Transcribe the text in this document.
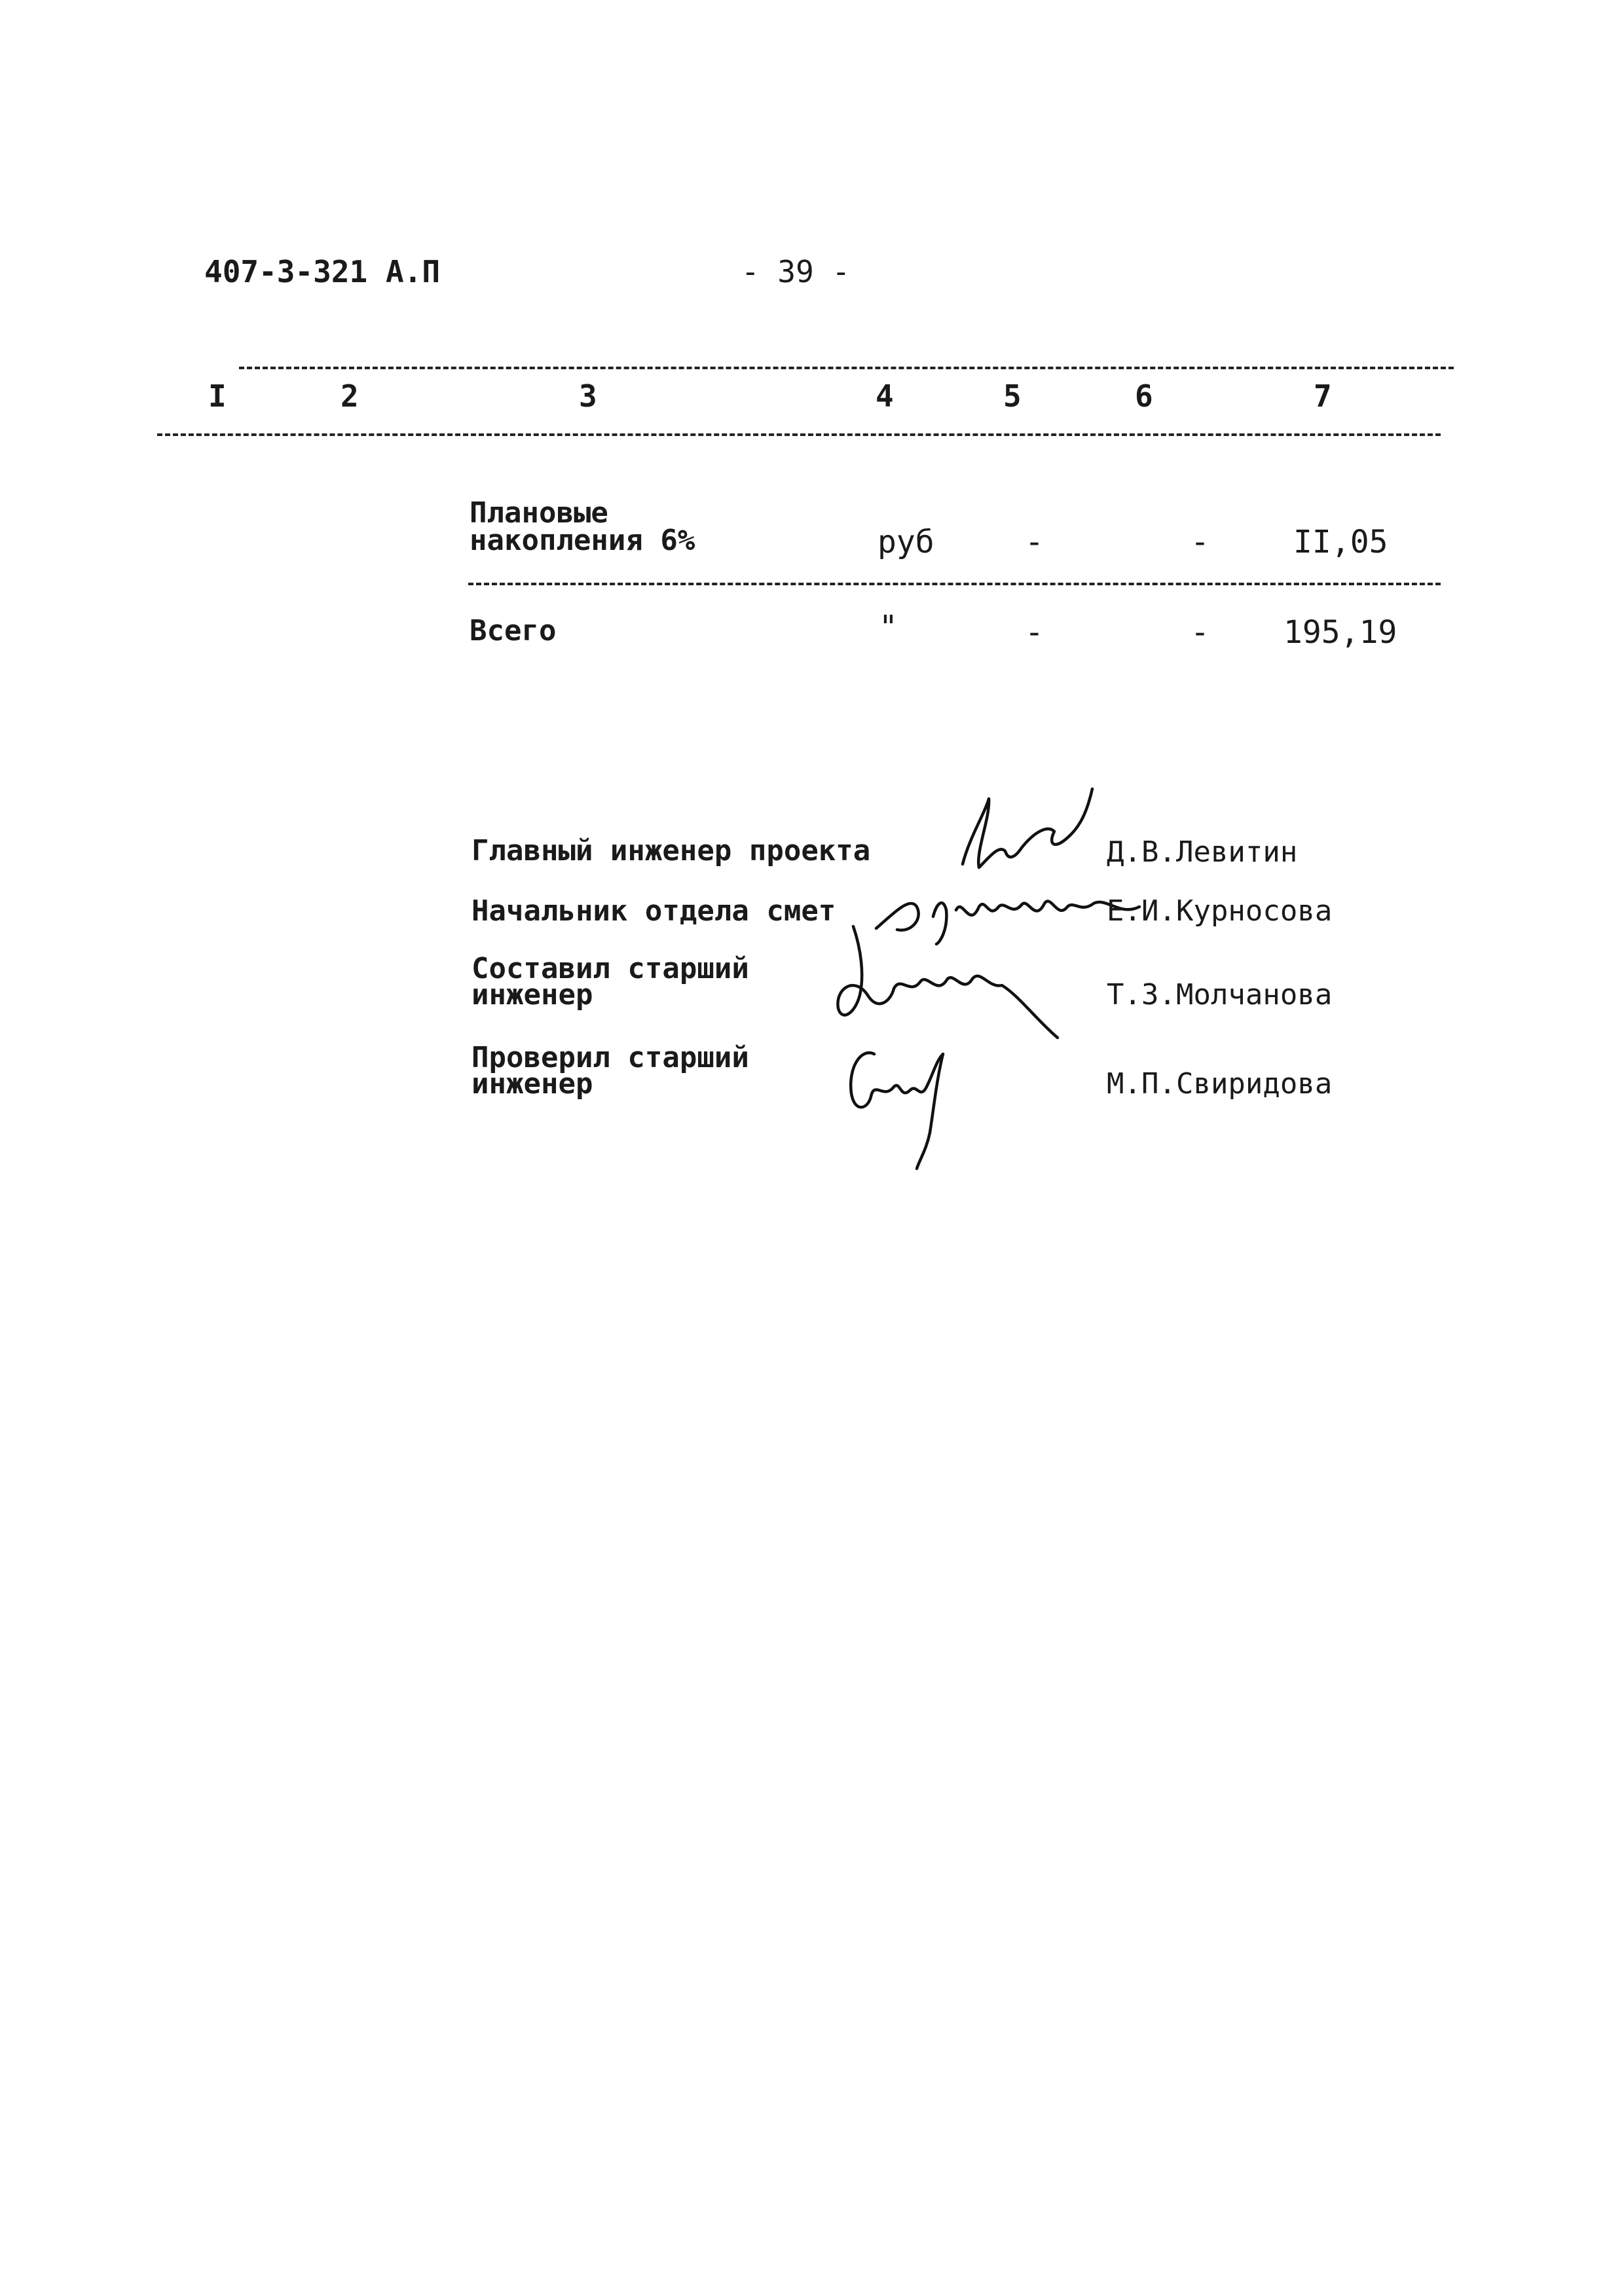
407-3-321 А.П	- 39 -
I	2	3	4	5	6	7
Плановые
накопления 6%	руб	-	-	II,05
Всего	"	-	- 195,19
Главный инженер проекта	Д.В.Левитин
Начальник отдела смет	Е.И.Курносова
Составил старший
инженер	Т.З.Молчанова
Проверил старший
инженер	М.П.Свиридова
